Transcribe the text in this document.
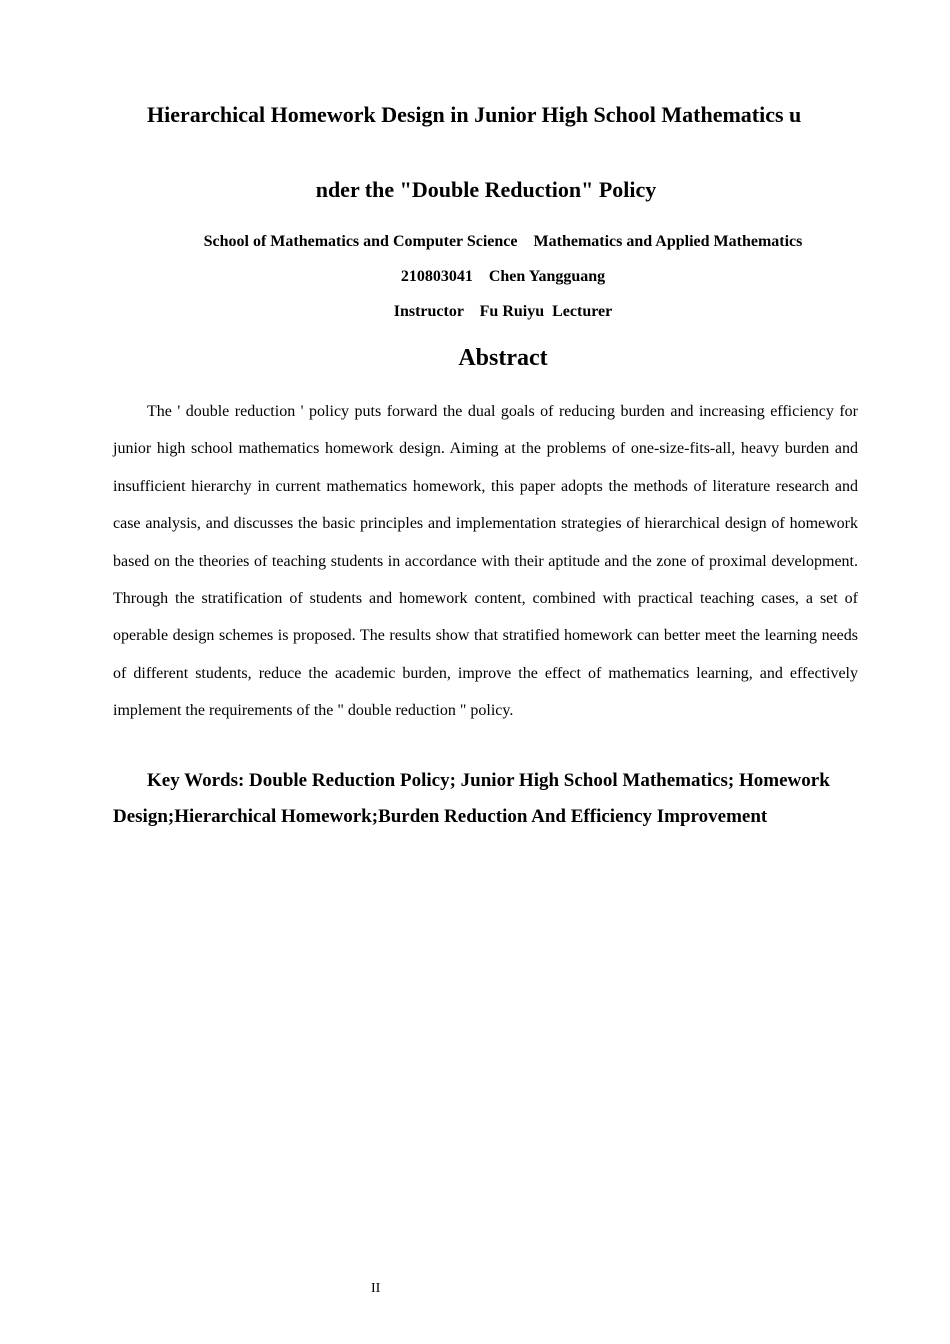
Hierarchical Homework Design in Junior High School Mathematics u
nder the "Double Reduction" Policy
School of Mathematics and Computer Science    Mathematics and Applied Mathematics
210803041    Chen Yangguang
Instructor    Fu Ruiyu  Lecturer
Abstract

The ' double reduction ' policy puts forward the dual goals of reducing burden and increasing efficiency for junior high school mathematics homework design. Aiming at the problems of one-size-fits-all, heavy burden and insufficient hierarchy in current mathematics homework, this paper adopts the methods of literature research and case analysis, and discusses the basic principles and implementation strategies of hierarchical design of homework based on the theories of teaching students in accordance with their aptitude and the zone of proximal development. Through the stratification of students and homework content, combined with practical teaching cases, a set of operable design schemes is proposed. The results show that stratified homework can better meet the learning needs of different students, reduce the academic burden, improve the effect of mathematics learning, and effectively implement the requirements of the " double reduction " policy.

Key Words: Double Reduction Policy; Junior High School Mathematics; Homework Design;Hierarchical Homework;Burden Reduction And Efficiency Improvement

II
